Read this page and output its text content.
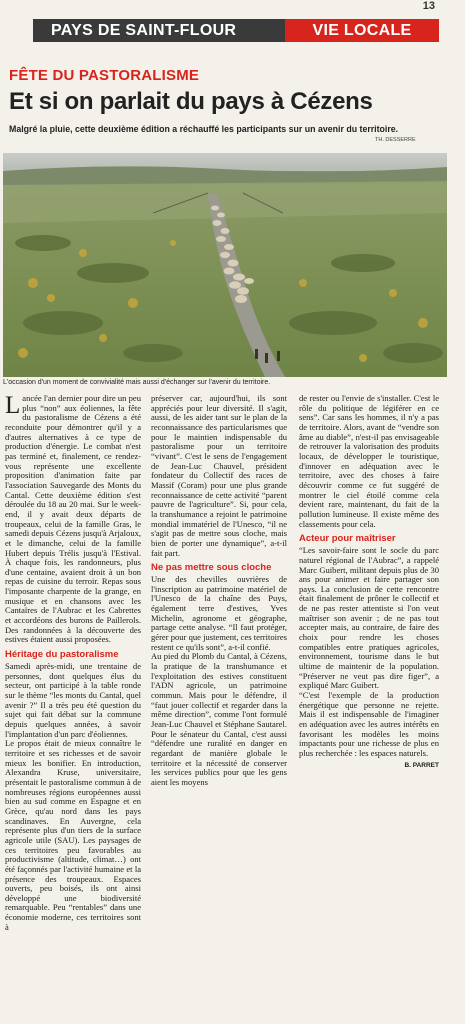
13
PAYS DE SAINT-FLOUR	VIE LOCALE
FÊTE DU PASTORALISME
Et si on parlait du pays à Cézens
Malgré la pluie, cette deuxième édition a réchauffé les participants sur un avenir du territoire.
TH. DESSERRE
L'occasion d'un moment de convivialité mais aussi d'échanger sur l'avenir du territoire.

Lancée l'an dernier pour dire un peu plus “non” aux éoliennes, la fête du pastoralisme de Cézens a été reconduite pour démontrer qu'il y a d'autres alternatives à ce type de production d'énergie. Le combat n'est pas terminé et, finalement, ce rendez-vous représente une excellente proposition d'animation faite par l'association Sauvegarde des Monts du Cantal. Cette deuxième édition s'est déroulée du 18 au 20 mai. Sur le week-end, il y avait deux départs de troupeaux, celui de la famille Gras, le samedi depuis Cézens jusqu'à Arjaloux, et le dimanche, celui de la famille Hubert depuis Trélis jusqu'à l'Estival. À chaque fois, les randonneurs, plus d'une centaine, avaient droit à un bon repas de cuisine du terroir. Repas sous l'imposante charpente de la grange, en musique et en chansons avec les Cantaïres de l'Aubrac et les Cabrettes et accordéons des burons de Paillerols. Des randonnées à la découverte des estives étaient aussi proposées.

Héritage du pastoralisme

Samedi après-midi, une trentaine de personnes, dont quelques élus du secteur, ont participé à la table ronde sur le thème “les monts du Cantal, quel avenir ?” Il a très peu été question du sujet qui fait débat sur la commune depuis quelques années, à savoir l'implantation d'un parc d'éoliennes.

Le propos était de mieux connaître le territoire et ses richesses et de savoir mieux les bonifier. En introduction, Alexandra Kruse, universitaire, présentait le pastoralisme commun à de nombreuses régions européennes aussi bien au sud comme en Espagne et en Grèce, qu'au nord dans les pays scandinaves. En Auvergne, cela représente plus d'un tiers de la surface agricole utile (SAU). Les paysages de ces territoires peu favorables au productivisme (altitude, climat…) ont été façonnés par l'activité humaine et la présence des troupeaux. Espaces ouverts, peu boisés, ils ont ainsi développé une biodiversité remarquable. Peu “rentables” dans une économie moderne, ces territoires sont à

préserver car, aujourd'hui, ils sont appréciés pour leur diversité. Il s'agit, aussi, de les aider tant sur le plan de la reconnaissance des particularismes que pour le maintien indispensable du pastoralisme pour un territoire “vivant”. C'est le sens de l'engagement de Jean-Luc Chauvel, président fondateur du Collectif des races de Massif (Coram) pour une plus grande reconnaissance de cette activité “parent pauvre de l'agriculture”. Si, pour cela, la transhumance a rejoint le patrimoine mondial immatériel de l'Unesco, “il ne s'agit pas de mettre sous cloche, mais bien de porter une dynamique”, a-t-il fait part.

Ne pas mettre sous cloche

Une des chevilles ouvrières de l'inscription au patrimoine matériel de l'Unesco de la chaîne des Puys, également terre d'estives, Yves Michelin, agronome et géographe, partage cette analyse. “Il faut protéger, gérer pour que justement, ces territoires restent ce qu'ils sont”, a-t-il confié.

Au pied du Plomb du Cantal, à Cézens, la pratique de la transhumance et l'exploitation des estives constituent l'ADN agricole, un patrimoine commun. Mais pour le défendre, il “faut jouer collectif et regarder dans la même direction”, comme l'ont formulé Jean-Luc Chauvel et Stéphane Sautarel. Pour le sénateur du Cantal, c'est aussi “défendre une ruralité en danger en regardant de manière globale le territoire et la nécessité de conserver les services publics pour que les gens aient les moyens

de rester ou l'envie de s'installer. C'est le rôle du politique de légiférer en ce sens”. Car sans les hommes, il n'y a pas de territoire. Alors, avant de “vendre son âme au diable”, n'est-il pas envisageable de retrouver la valorisation des produits locaux, de développer le touristique, d'innover en adéquation avec le territoire, avec des choses à faire découvrir comme ce fut suggéré de montrer le ciel étoilé comme cela devient rare, maintenant, du fait de la pollution lumineuse. Il existe même des classements pour cela.

Acteur pour maîtriser

“Les savoir-faire sont le socle du parc naturel régional de l'Aubrac”, a rappelé Marc Guibert, militant depuis plus de 30 ans pour animer et faire partager son pays. La conclusion de cette rencontre était finalement de prôner le collectif et de ne pas rester attentiste si l'on veut maîtriser son avenir ; de ne pas tout accepter mais, au contraire, de faire des choix pour rendre les choses compatibles entre pratiques agricoles, environnement, tourisme dans le but ultime de maintenir de la population. “Préserver ne veut pas dire figer”, a expliqué Marc Guibert.

“C'est l'exemple de la production énergétique que personne ne rejette. Mais il est indispensable de l'imaginer en adéquation avec les autres intérêts en favorisant les modèles les moins impactants pour une richesse de plus en plus recherchée : les espaces naturels.

B. PARRET
